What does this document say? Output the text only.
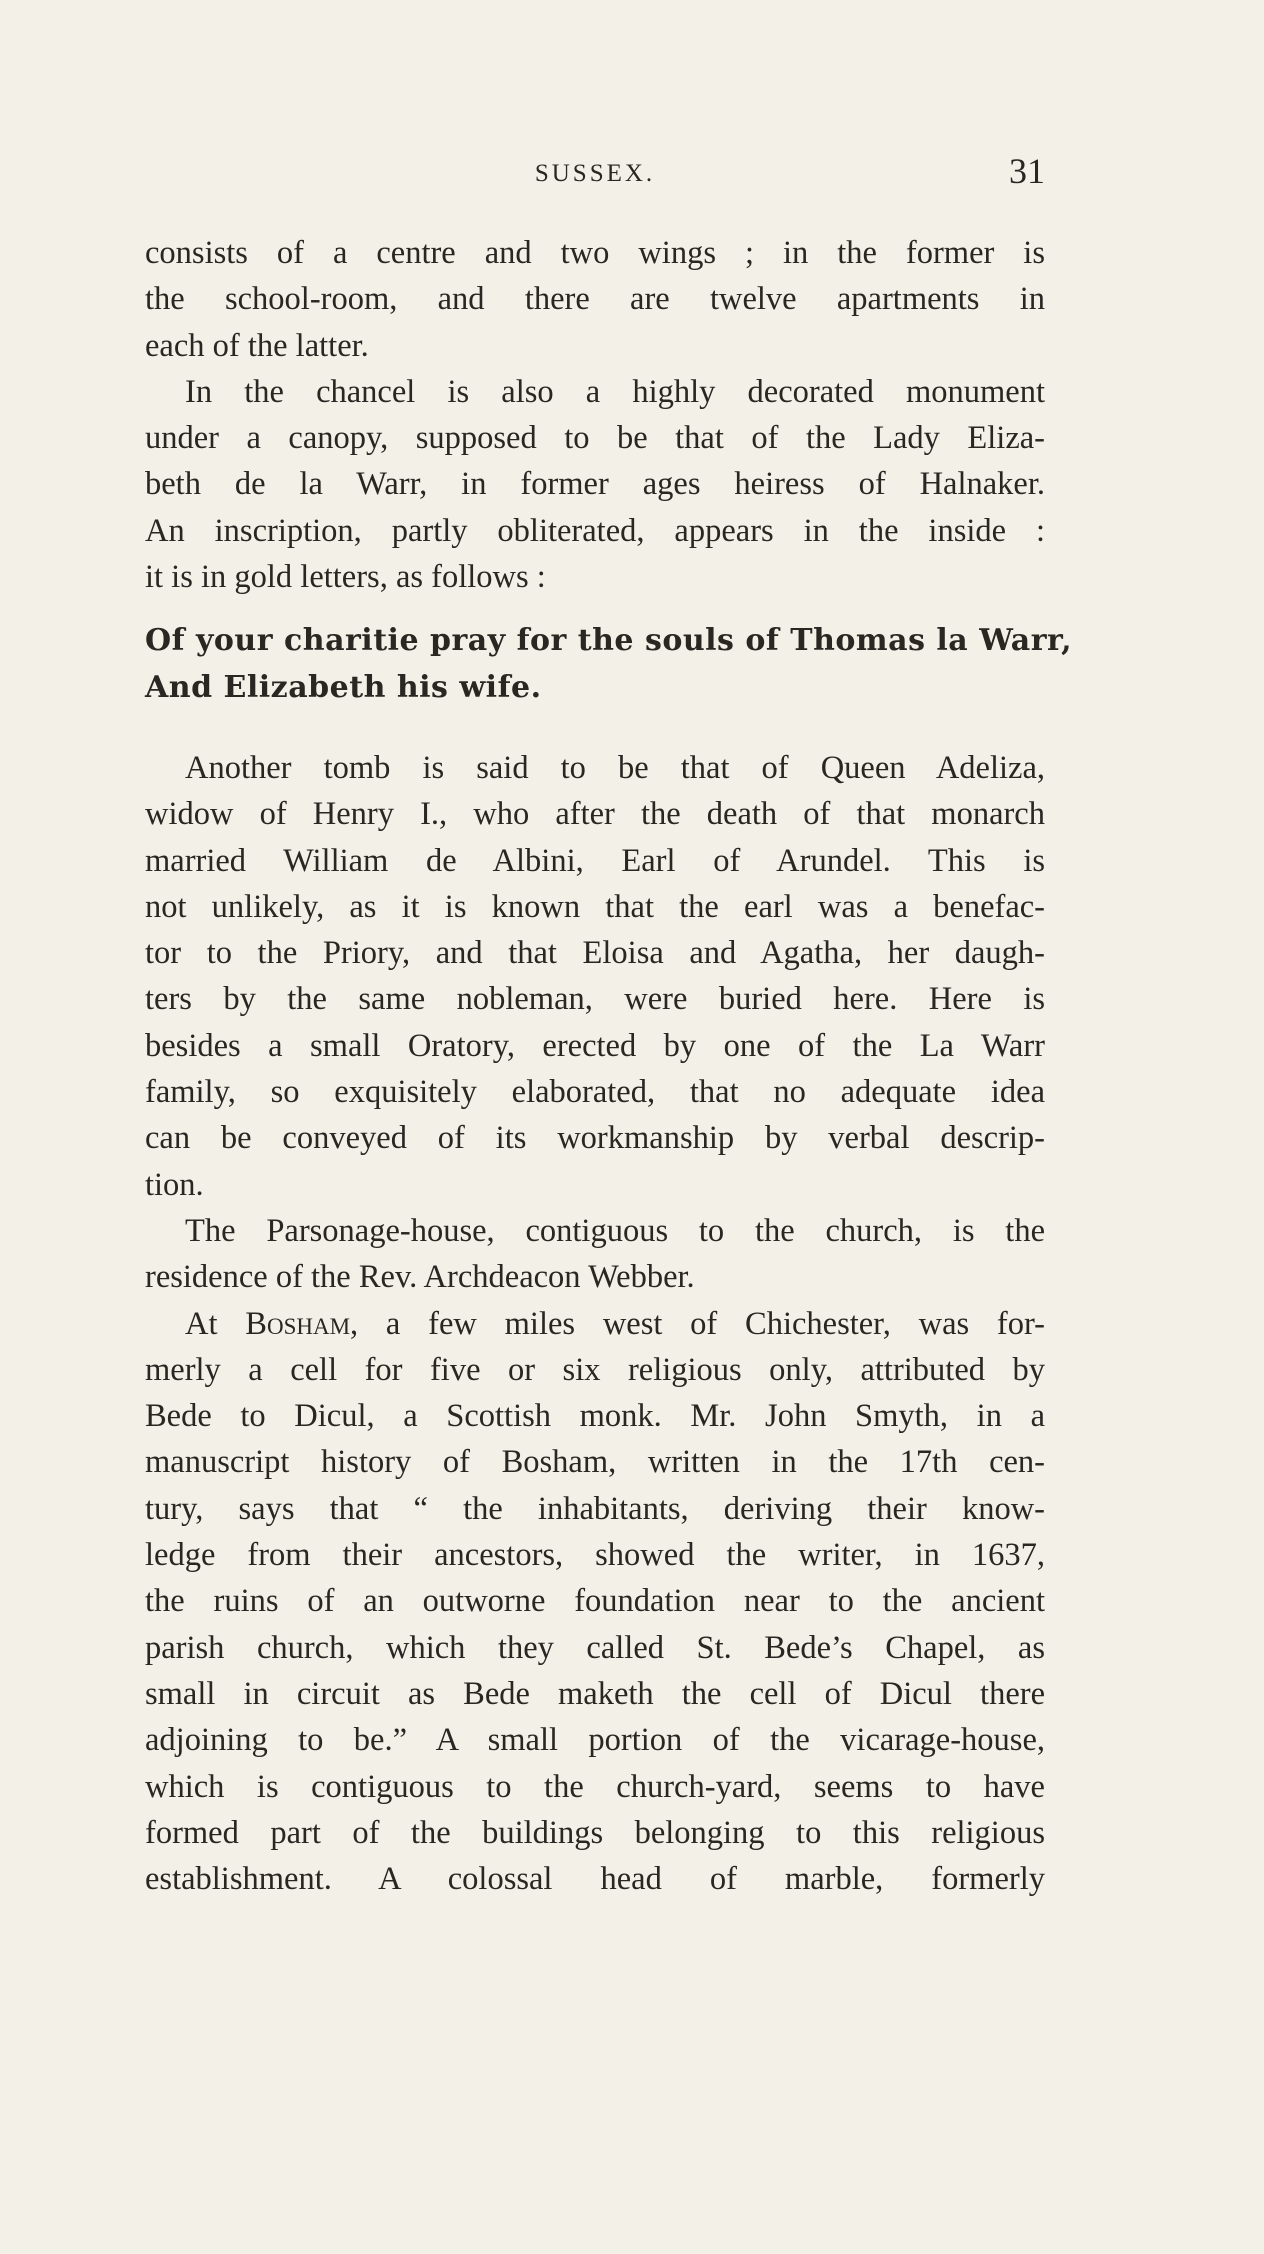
SUSSEX.	31
consists of a centre and two wings ; in the former is
the school-room, and there are twelve apartments in
each of the latter.
In the chancel is also a highly decorated monument
under a canopy, supposed to be that of the Lady Eliza-
beth de la Warr, in former ages heiress of Halnaker.
An inscription, partly obliterated, appears in the inside :
it is in gold letters, as follows :
Of your charitie pray for the souls of Thomas la Warr,
And Elizabeth his wife.
Another tomb is said to be that of Queen Adeliza,
widow of Henry I., who after the death of that monarch
married William de Albini, Earl of Arundel. This is
not unlikely, as it is known that the earl was a benefac-
tor to the Priory, and that Eloisa and Agatha, her daugh-
ters by the same nobleman, were buried here. Here is
besides a small Oratory, erected by one of the La Warr
family, so exquisitely elaborated, that no adequate idea
can be conveyed of its workmanship by verbal descrip-
tion.
The Parsonage-house, contiguous to the church, is the
residence of the Rev. Archdeacon Webber.
At Bosham, a few miles west of Chichester, was for-
merly a cell for five or six religious only, attributed by
Bede to Dicul, a Scottish monk. Mr. John Smyth, in a
manuscript history of Bosham, written in the 17th cen-
tury, says that “ the inhabitants, deriving their know-
ledge from their ancestors, showed the writer, in 1637,
the ruins of an outworne foundation near to the ancient
parish church, which they called St. Bede’s Chapel, as
small in circuit as Bede maketh the cell of Dicul there
adjoining to be.” A small portion of the vicarage-house,
which is contiguous to the church-yard, seems to have
formed part of the buildings belonging to this religious
establishment. A colossal head of marble, formerly
